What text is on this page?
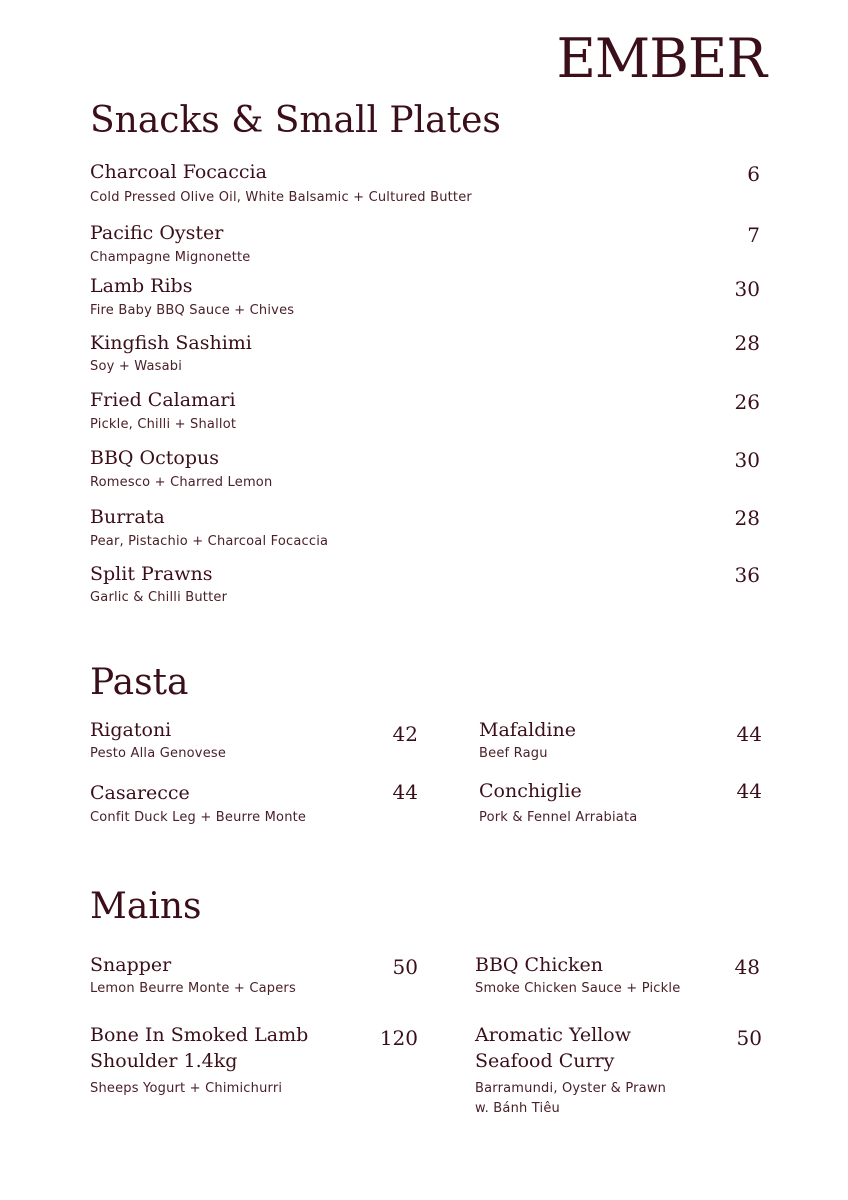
EMBER
Snacks & Small Plates
Charcoal Focaccia
Cold Pressed Olive Oil, White Balsamic + Cultured Butter
6
Pacific Oyster
Champagne Mignonette
7
Lamb Ribs
Fire Baby BBQ Sauce + Chives
30
Kingfish Sashimi
Soy + Wasabi
28
Fried Calamari
Pickle, Chilli + Shallot
26
BBQ Octopus
Romesco + Charred Lemon
30
Burrata
Pear, Pistachio + Charcoal Focaccia
28
Split Prawns
Garlic & Chilli Butter
36
Pasta
Rigatoni
Pesto Alla Genovese
42	Mafaldine
Beef Ragu
44
Casarecce
Confit Duck Leg + Beurre Monte
44	Conchiglie
Pork & Fennel Arrabiata
44
Mains
Snapper
Lemon Beurre Monte + Capers
50	BBQ Chicken
Smoke Chicken Sauce + Pickle
48
Bone In Smoked Lamb
Shoulder 1.4kg
Sheeps Yogurt + Chimichurri
120	Aromatic Yellow
Seafood Curry
Barramundi, Oyster & Prawn
w. Bánh Tiêu
50
